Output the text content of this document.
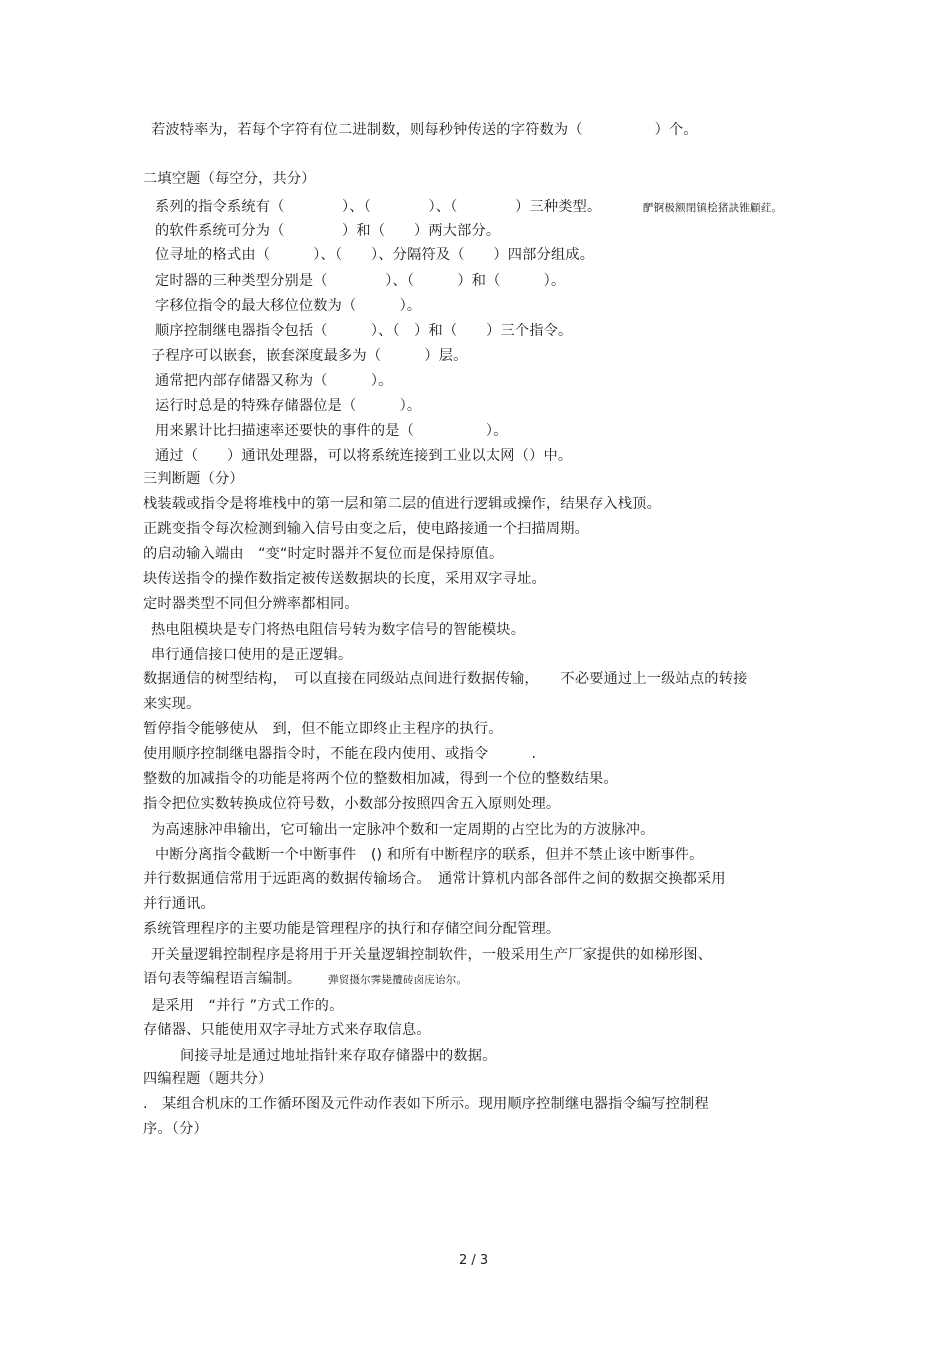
若波特率为，若每个字符有位二进制数，则每秒钟传送的字符数为（　　　　　）个。
二填空题（每空分，共分）
系列的指令系统有（　　　　）、（　　　　）、（　　　　）三种类型。	酽锕极额閉镇桧猪訣锥顧荭。
的软件系统可分为（　　　　）和（　　）两大部分。
位寻址的格式由（　　　）、（　　）、分隔符及（　　）四部分组成。
定时器的三种类型分别是（　　　　）、（　　　）和（　　　）。
字移位指令的最大移位位数为（　　　）。
顺序控制继电器指令包括（　　　）、（　）和（　　）三个指令。
子程序可以嵌套，嵌套深度最多为（　　　）层。
通常把内部存储器又称为（　　　）。
运行时总是的特殊存储器位是（　　　）。
用来累计比扫描速率还要快的事件的是（　　　　　）。
通过（　　）通讯处理器，可以将系统连接到工业以太网（）中。
三判断题（分）
栈装载或指令是将堆栈中的第一层和第二层的值进行逻辑或操作，结果存入栈顶。
正跳变指令每次检测到输入信号由变之后，使电路接通一个扫描周期。
的启动输入端由　“变“时定时器并不复位而是保持原值。
块传送指令的操作数指定被传送数据块的长度，采用双字寻址。
定时器类型不同但分辨率都相同。
热电阻模块是专门将热电阻信号转为数字信号的智能模块。
串行通信接口使用的是正逻辑。
数据通信的树型结构，　可以直接在同级站点间进行数据传输，　　不必要通过上一级站点的转接
来实现。
暂停指令能够使从　到，但不能立即终止主程序的执行。
使用顺序控制继电器指令时，不能在段内使用、或指令　　　.
整数的加减指令的功能是将两个位的整数相加减，得到一个位的整数结果。
指令把位实数转换成位符号数，小数部分按照四舍五入原则处理。
为高速脉冲串输出，它可输出一定脉冲个数和一定周期的占空比为的方波脉冲。
中断分离指令截断一个中断事件　() 和所有中断程序的联系，但并不禁止该中断事件。
并行数据通信常用于远距离的数据传输场合。　通常计算机内部各部件之间的数据交换都采用
并行通讯。
系统管理程序的主要功能是管理程序的执行和存储空间分配管理。
开关量逻辑控制程序是将用于开关量逻辑控制软件，一般采用生产厂家提供的如梯形图、
语句表等编程语言编制。	弾贸摄尔霁毙攬砖卤庑诒尔。
是采用　“并行 ”方式工作的。
存储器、只能使用双字寻址方式来存取信息。
间接寻址是通过地址指针来存取存储器中的数据。
四编程题（题共分）
.　某组合机床的工作循环图及元件动作表如下所示。现用顺序控制继电器指令编写控制程
序。（分）
2 / 3
